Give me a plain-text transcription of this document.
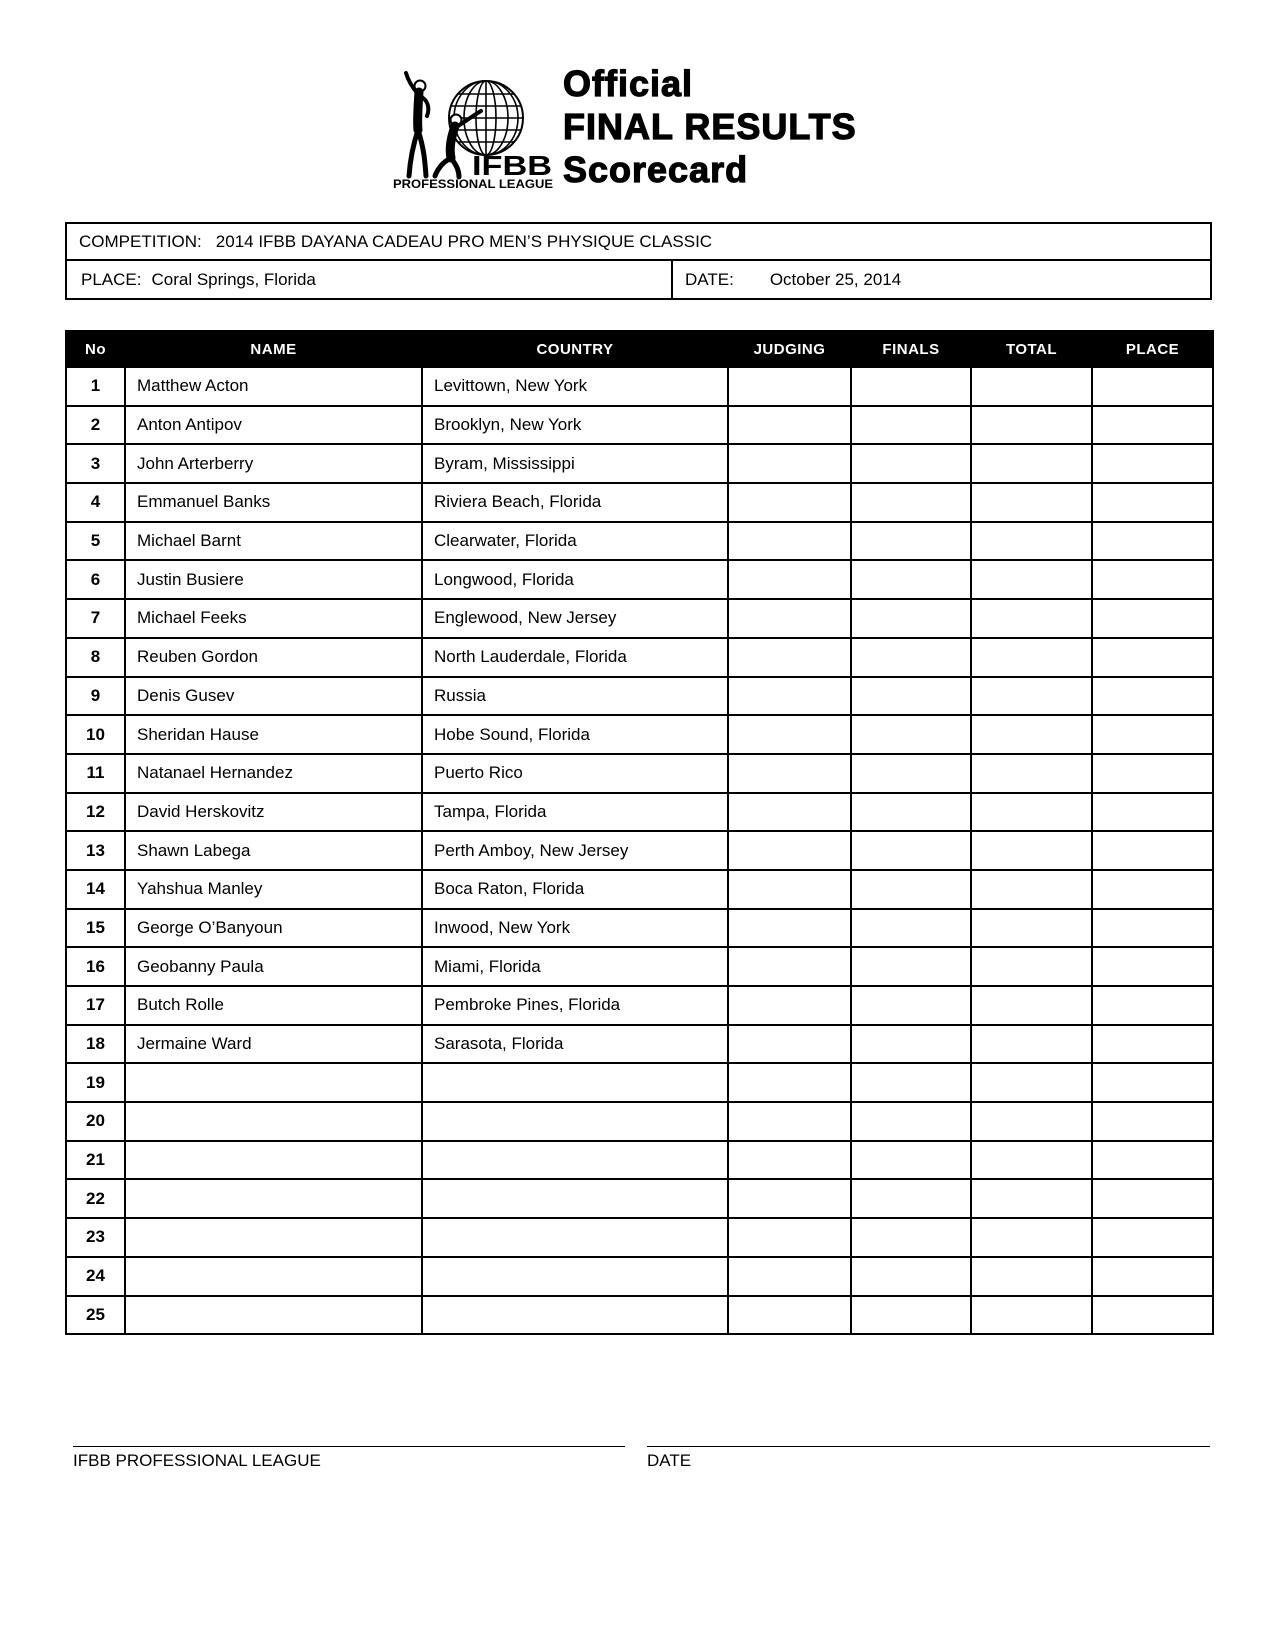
IFBB
PROFESSIONAL LEAGUE
Official
FINAL RESULTS
Scorecard
COMPETITION: 2014 IFBB DAYANA CADEAU PRO MEN’S PHYSIQUE CLASSIC
PLACE: Coral Springs, Florida	DATE: October 25, 2014
No	NAME	COUNTRY	JUDGING	FINALS	TOTAL	PLACE
1	Matthew Acton	Levittown, New York				
2	Anton Antipov	Brooklyn, New York				
3	John Arterberry	Byram, Mississippi				
4	Emmanuel Banks	Riviera Beach, Florida				
5	Michael Barnt	Clearwater, Florida				
6	Justin Busiere	Longwood, Florida				
7	Michael Feeks	Englewood, New Jersey				
8	Reuben Gordon	North Lauderdale, Florida				
9	Denis Gusev	Russia				
10	Sheridan Hause	Hobe Sound, Florida				
11	Natanael Hernandez	Puerto Rico				
12	David Herskovitz	Tampa, Florida				
13	Shawn Labega	Perth Amboy, New Jersey				
14	Yahshua Manley	Boca Raton, Florida				
15	George O’Banyoun	Inwood, New York				
16	Geobanny Paula	Miami, Florida				
17	Butch Rolle	Pembroke Pines, Florida				
18	Jermaine Ward	Sarasota, Florida				
19						
20						
21						
22						
23						
24						
25						
IFBB PROFESSIONAL LEAGUE	DATE
